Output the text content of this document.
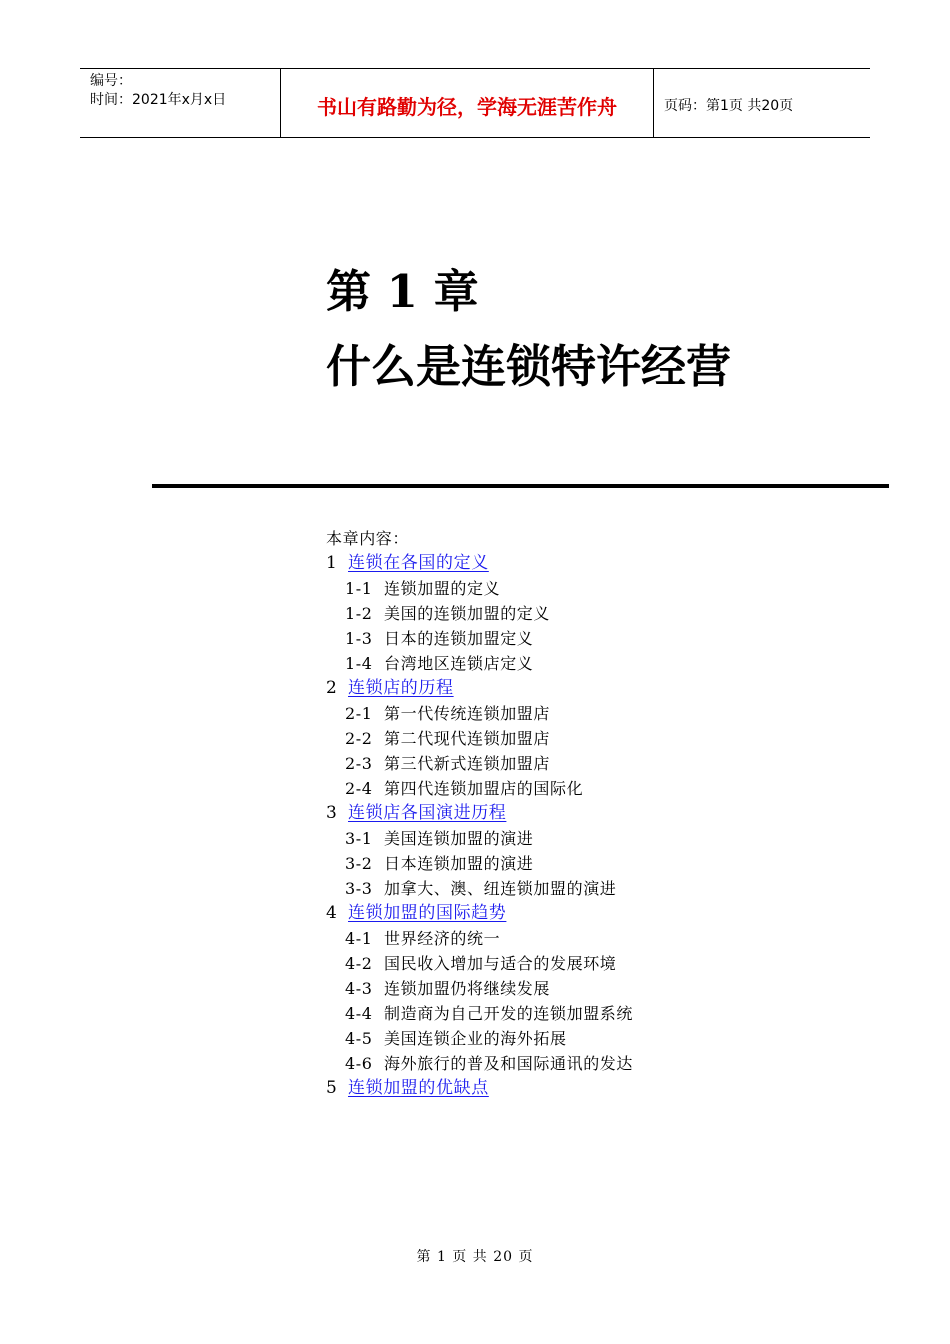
编号：
时间：2021年x月x日	书山有路勤为径，学海无涯苦作舟	页码：第1页 共20页
第 1 章
什么是连锁特许经营
本章内容：
1 连锁在各国的定义
1-1 连锁加盟的定义
1-2 美国的连锁加盟的定义
1-3 日本的连锁加盟定义
1-4 台湾地区连锁店定义
2 连锁店的历程
2-1 第一代传统连锁加盟店
2-2 第二代现代连锁加盟店
2-3 第三代新式连锁加盟店
2-4 第四代连锁加盟店的国际化
3 连锁店各国演进历程
3-1 美国连锁加盟的演进
3-2 日本连锁加盟的演进
3-3 加拿大、澳、纽连锁加盟的演进
4 连锁加盟的国际趋势
4-1 世界经济的统一
4-2 国民收入增加与适合的发展环境
4-3 连锁加盟仍将继续发展
4-4 制造商为自己开发的连锁加盟系统
4-5 美国连锁企业的海外拓展
4-6 海外旅行的普及和国际通讯的发达
5 连锁加盟的优缺点
第 1 页 共 20 页
